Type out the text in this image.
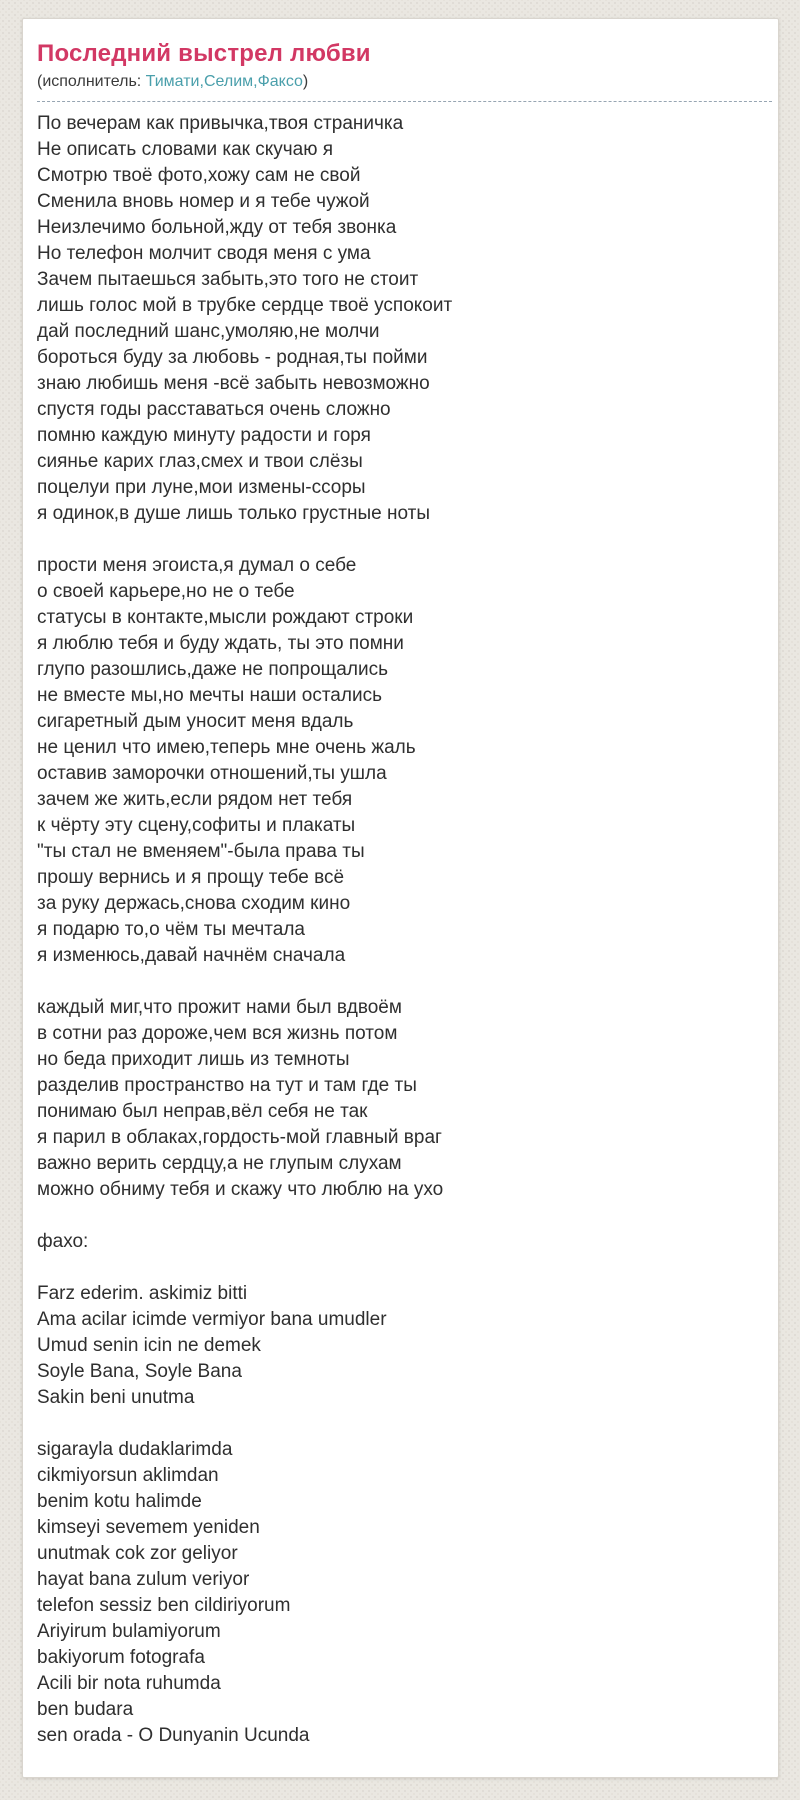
Последний выстрел любви
(исполнитель: Тимати,Селим,Факсо)
По вечерам как привычка,твоя страничка
Не описать словами как скучаю я
Смотрю твоё фото,хожу сам не свой
Сменила вновь номер и я тебе чужой
Неизлечимо больной,жду от тебя звонка
Но телефон молчит сводя меня с ума
Зачем пытаешься забыть,это того не стоит
лишь голос мой в трубке сердце твоё успокоит
дай последний шанс,умоляю,не молчи
бороться буду за любовь - родная,ты пойми
знаю любишь меня -всё забыть невозможно
спустя годы расставаться очень сложно
помню каждую минуту радости и горя
сиянье карих глаз,смех и твои слёзы
поцелуи при луне,мои измены-ссоры
я одинок,в душе лишь только грустные ноты
прости меня эгоиста,я думал о себе
о своей карьере,но не о тебе
статусы в контакте,мысли рождают строки
я люблю тебя и буду ждать, ты это помни
глупо разошлись,даже не попрощались
не вместе мы,но мечты наши остались
сигаретный дым уносит меня вдаль
не ценил что имею,теперь мне очень жаль
оставив заморочки отношений,ты ушла
зачем же жить,если рядом нет тебя
к чёрту эту сцену,софиты и плакаты
"ты стал не вменяем"-была права ты
прошу вернись и я прощу тебе всё
за руку держась,снова сходим кино
я подарю то,о чём ты мечтала
я изменюсь,давай начнём сначала
каждый миг,что прожит нами был вдвоём
в сотни раз дороже,чем вся жизнь потом
но беда приходит лишь из темноты
разделив пространство на тут и там где ты
понимаю был неправ,вёл себя не так
я парил в облаках,гордость-мой главный враг
важно верить сердцу,а не глупым слухам
можно обниму тебя и скажу что люблю на ухо
фахо:
Farz ederim. askimiz bitti
Ama acilar icimde vermiyor bana umudler
Umud senin icin ne demek
Soyle Bana, Soyle Bana
Sakin beni unutma
sigarayla dudaklarimda
cikmiyorsun aklimdan
benim kotu halimde
kimseyi sevemem yeniden
unutmak cok zor geliyor
hayat bana zulum veriyor
telefon sessiz ben cildiriyorum
Ariyirum bulamiyorum
bakiyorum fotografa
Acili bir nota ruhumda
ben budara
sen orada - O Dunyanin Ucunda
